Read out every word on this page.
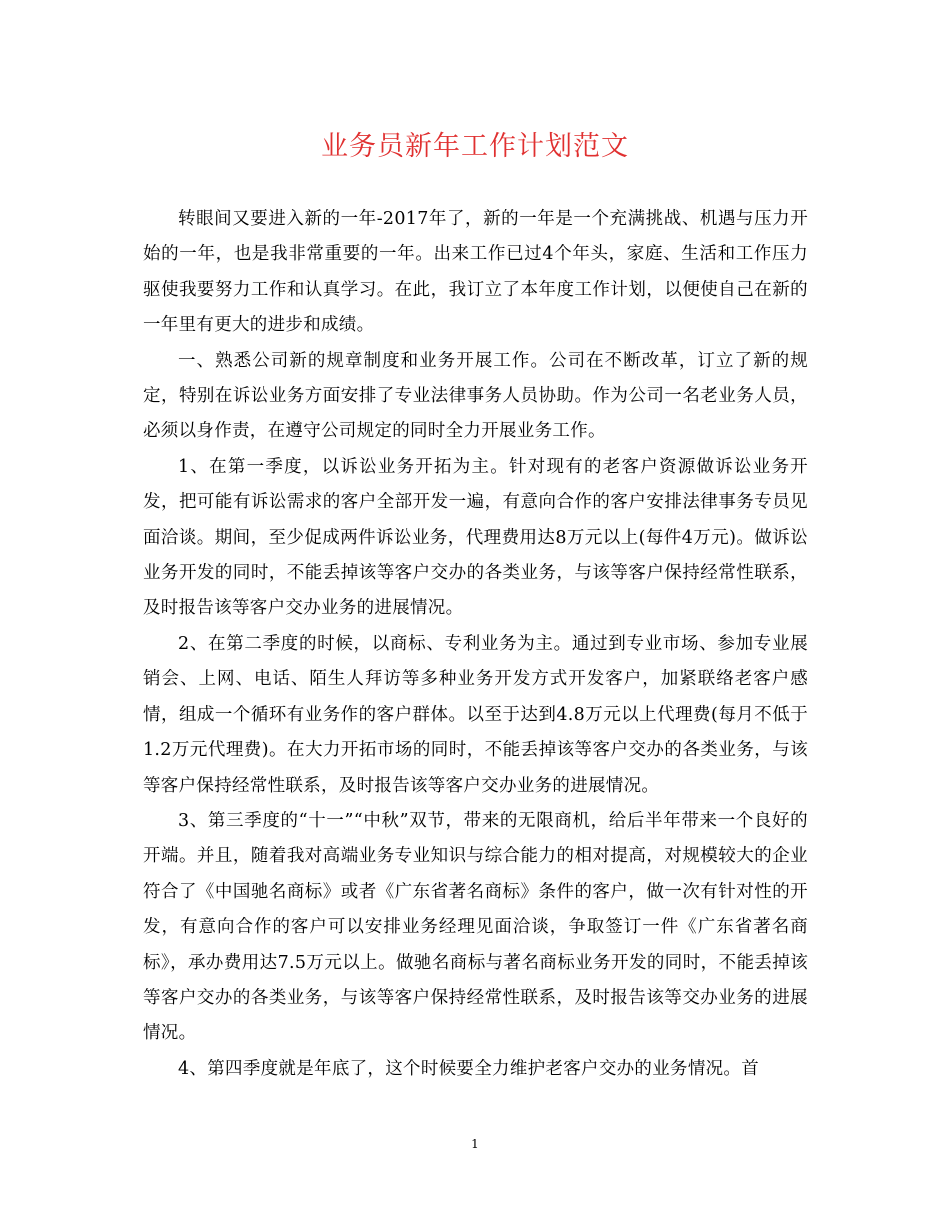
业务员新年工作计划范文

转眼间又要进入新的一年-2017年了，新的一年是一个充满挑战、机遇与压力开始的一年，也是我非常重要的一年。出来工作已过4个年头，家庭、生活和工作压力驱使我要努力工作和认真学习。在此，我订立了本年度工作计划，以便使自己在新的一年里有更大的进步和成绩。

一、熟悉公司新的规章制度和业务开展工作。公司在不断改革，订立了新的规定，特别在诉讼业务方面安排了专业法律事务人员协助。作为公司一名老业务人员，必须以身作责，在遵守公司规定的同时全力开展业务工作。

1、在第一季度，以诉讼业务开拓为主。针对现有的老客户资源做诉讼业务开发，把可能有诉讼需求的客户全部开发一遍，有意向合作的客户安排法律事务专员见面洽谈。期间，至少促成两件诉讼业务，代理费用达8万元以上(每件4万元)。做诉讼业务开发的同时，不能丢掉该等客户交办的各类业务，与该等客户保持经常性联系，及时报告该等客户交办业务的进展情况。

2、在第二季度的时候，以商标、专利业务为主。通过到专业市场、参加专业展销会、上网、电话、陌生人拜访等多种业务开发方式开发客户，加紧联络老客户感情，组成一个循环有业务作的客户群体。以至于达到4.8万元以上代理费(每月不低于1.2万元代理费)。在大力开拓市场的同时，不能丢掉该等客户交办的各类业务，与该等客户保持经常性联系，及时报告该等客户交办业务的进展情况。

3、第三季度的“十一”“中秋”双节，带来的无限商机，给后半年带来一个良好的开端。并且，随着我对高端业务专业知识与综合能力的相对提高，对规模较大的企业符合了《中国驰名商标》或者《广东省著名商标》条件的客户，做一次有针对性的开发，有意向合作的客户可以安排业务经理见面洽谈，争取签订一件《广东省著名商标》，承办费用达7.5万元以上。做驰名商标与著名商标业务开发的同时，不能丢掉该等客户交办的各类业务，与该等客户保持经常性联系，及时报告该等交办业务的进展情况。

4、第四季度就是年底了，这个时候要全力维护老客户交办的业务情况。首

1
